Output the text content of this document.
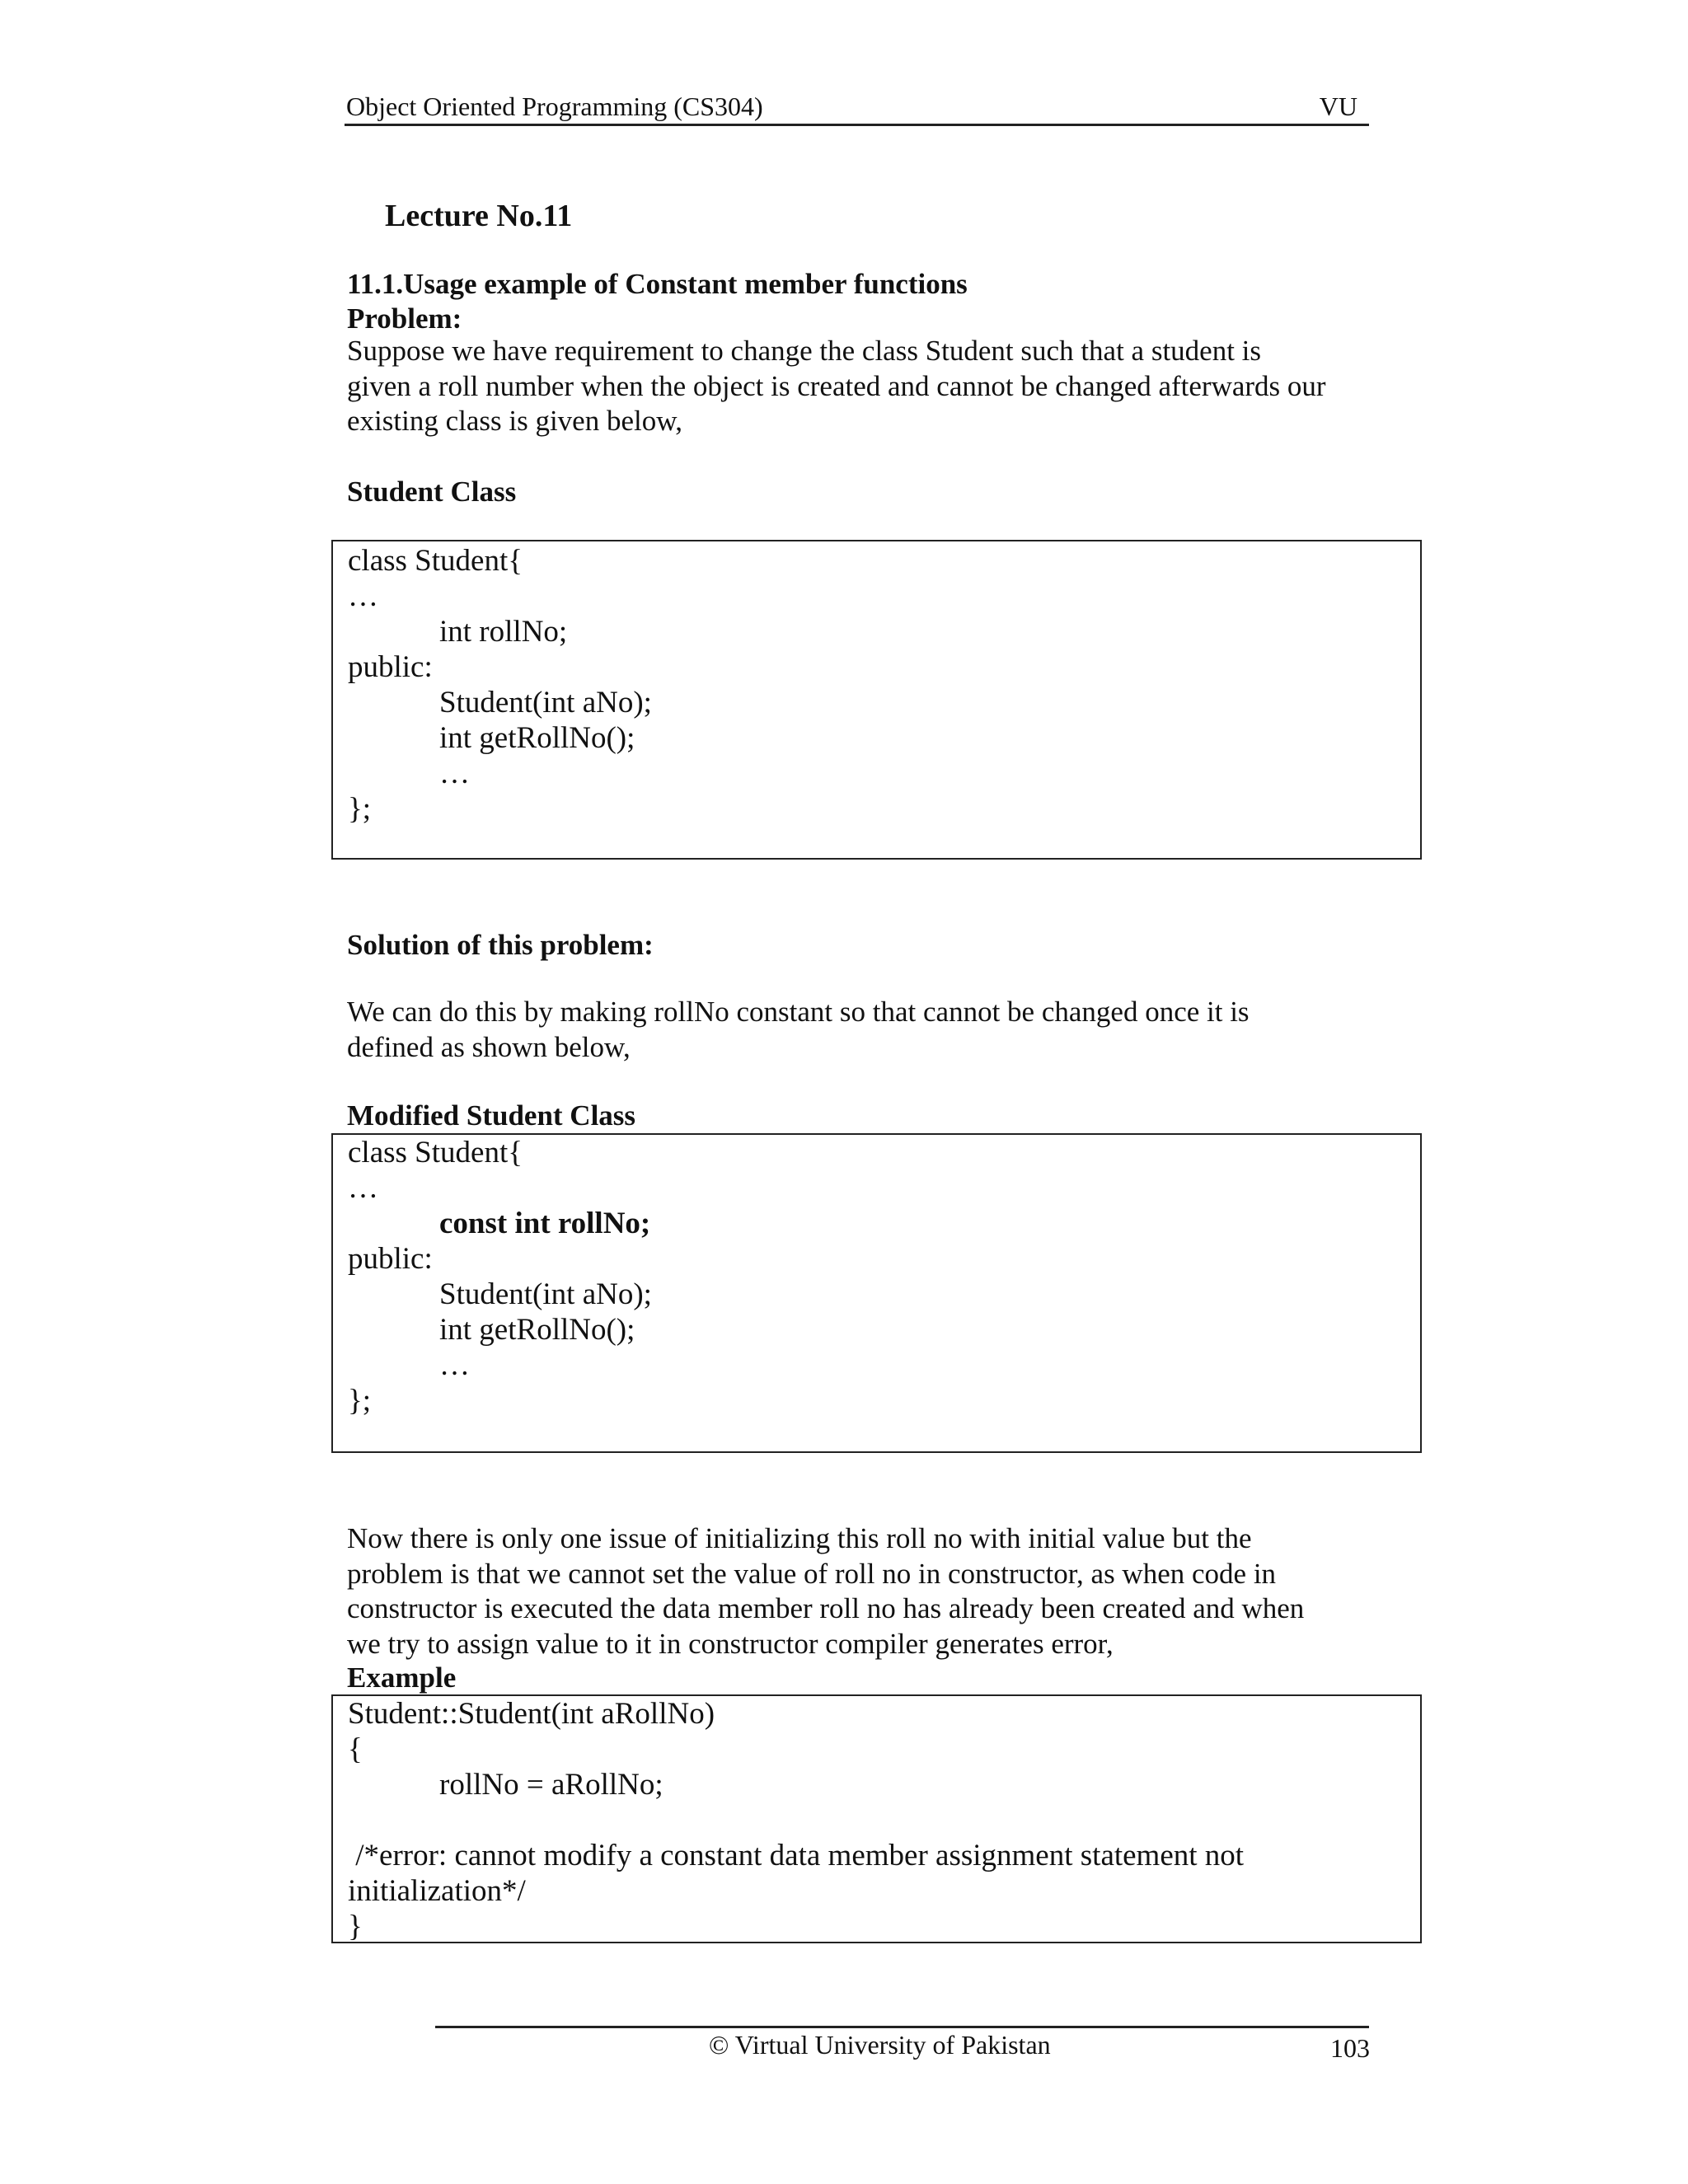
Object Oriented Programming (CS304)	VU
Lecture No.11
11.1.Usage example of Constant member functions
Problem:

Suppose we have requirement to change the class Student such that a student is

given a roll number when the object is created and cannot be changed afterwards our

existing class is given below,

Student Class
class Student{
…
int rollNo;
public:
Student(int aNo);
int getRollNo();
…
};
Solution of this problem:

We can do this by making rollNo constant so that cannot be changed once it is

defined as shown below,

Modified Student Class
class Student{
…
const int rollNo;
public:
Student(int aNo);
int getRollNo();
…
};

Now there is only one issue of initializing this roll no with initial value but the

problem is that we cannot set the value of roll no in constructor, as when code in

constructor is executed the data member roll no has already been created and when

we try to assign value to it in constructor compiler generates error,

Example
Student::Student(int aRollNo)
{
rollNo = aRollNo;
/*error: cannot modify a constant data member assignment statement not
initialization*/
}
© Virtual University of Pakistan	103
